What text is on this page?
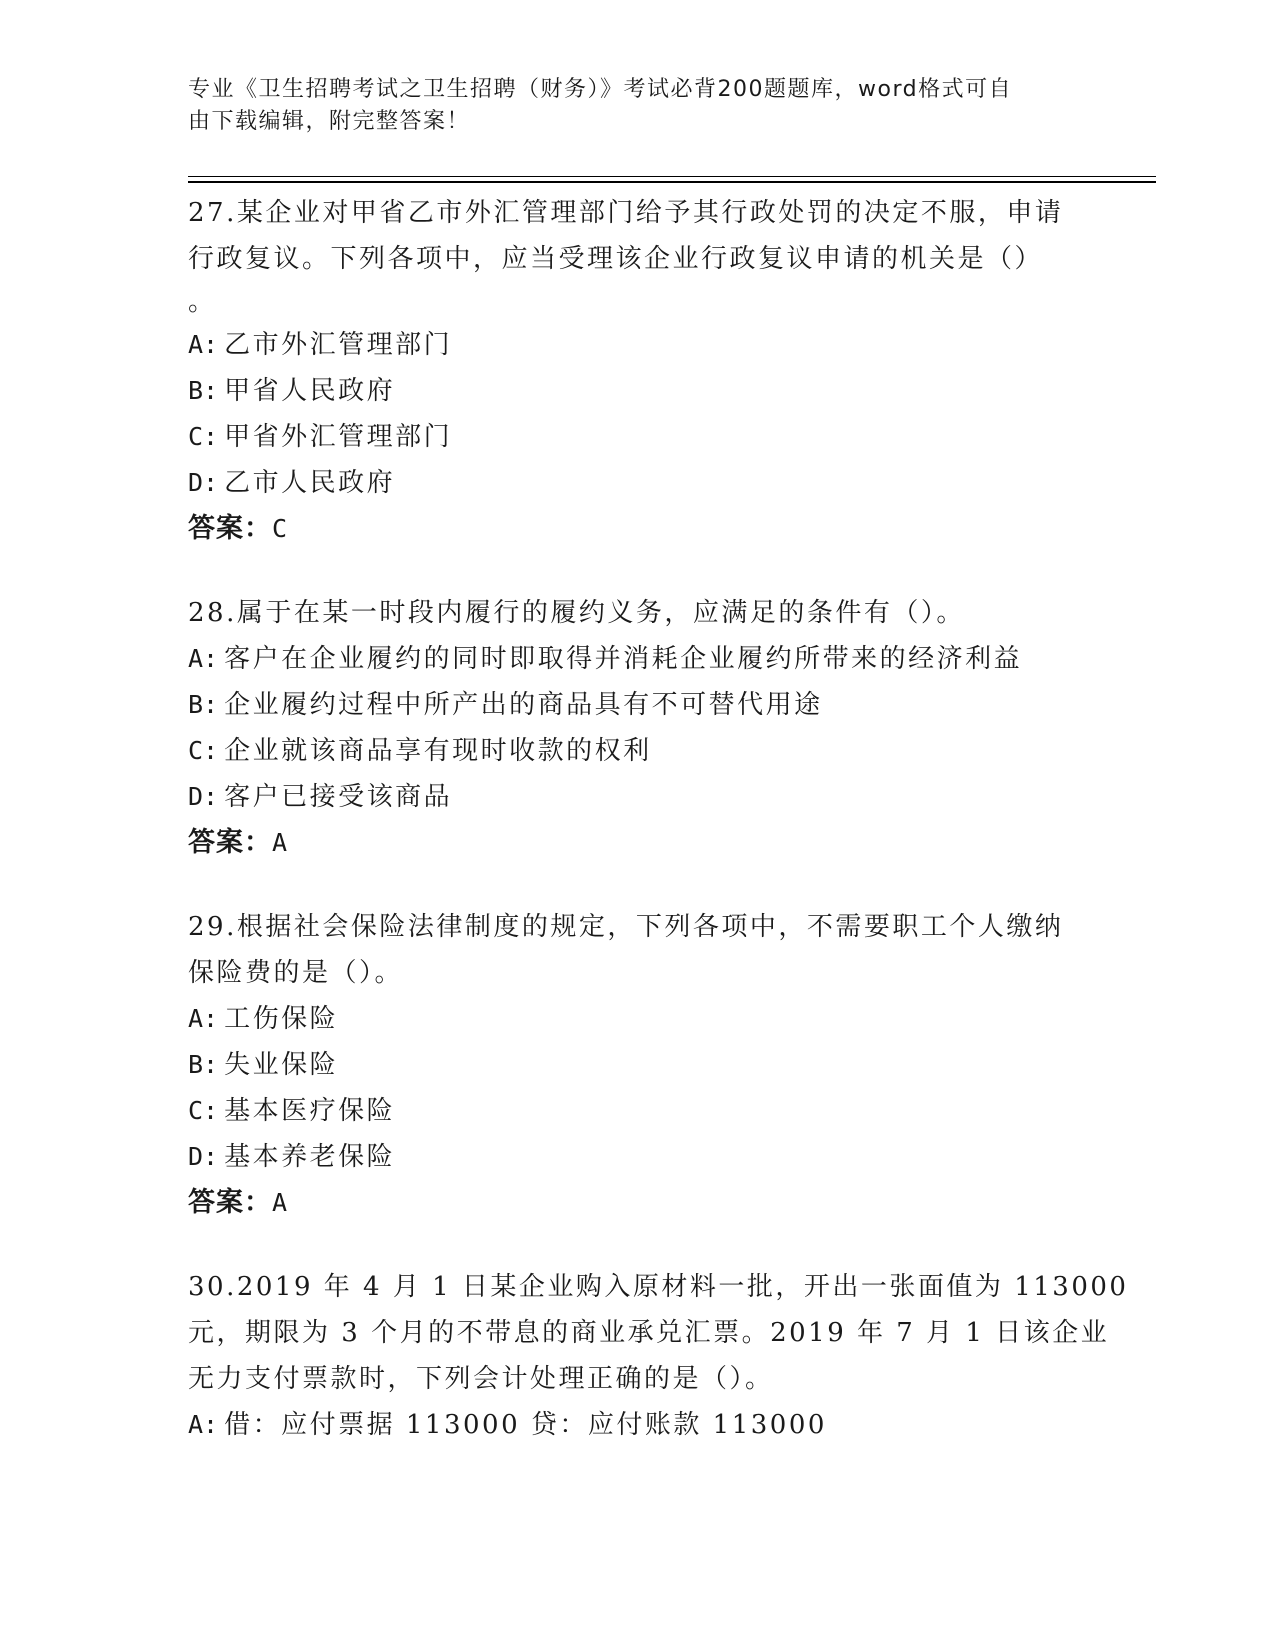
专业《卫生招聘考试之卫生招聘（财务）》考试必背200题题库，word格式可自
由下载编辑，附完整答案！
27.某企业对甲省乙市外汇管理部门给予其行政处罚的决定不服，申请
行政复议。下列各项中，应当受理该企业行政复议申请的机关是（）
。
A: 乙市外汇管理部门
B: 甲省人民政府
C: 甲省外汇管理部门
D: 乙市人民政府
答案：C
28.属于在某一时段内履行的履约义务，应满足的条件有（）。
A: 客户在企业履约的同时即取得并消耗企业履约所带来的经济利益
B: 企业履约过程中所产出的商品具有不可替代用途
C: 企业就该商品享有现时收款的权利
D: 客户已接受该商品
答案：A
29.根据社会保险法律制度的规定，下列各项中，不需要职工个人缴纳
保险费的是（）。
A: 工伤保险
B: 失业保险
C: 基本医疗保险
D: 基本养老保险
答案：A
30.2019 年 4 月 1 日某企业购入原材料一批，开出一张面值为 113000
元，期限为 3 个月的不带息的商业承兑汇票。2019 年 7 月 1 日该企业
无力支付票款时，下列会计处理正确的是（）。
A: 借：应付票据 113000 贷：应付账款 113000
